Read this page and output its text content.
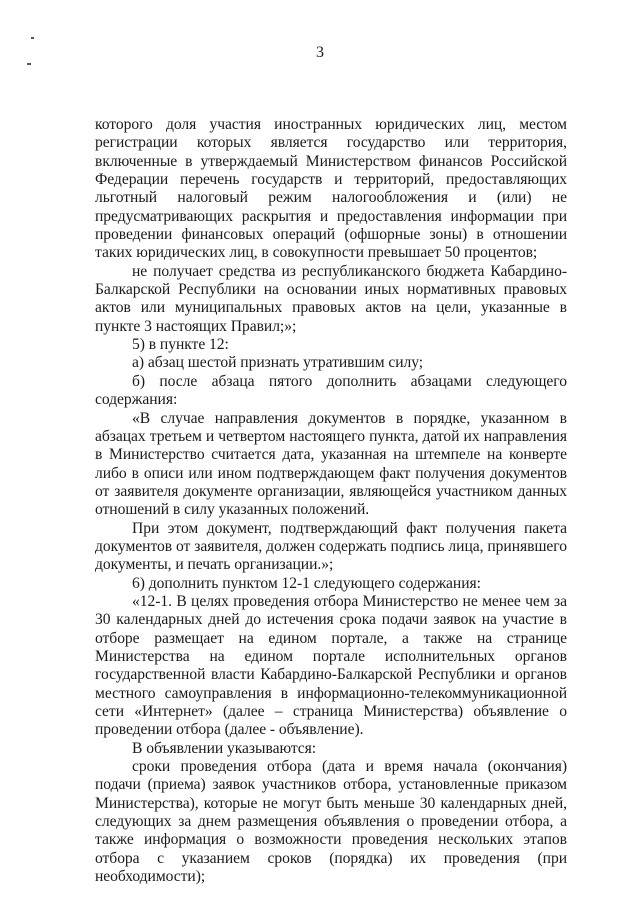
3

которого доля участия иностранных юридических лиц, местом регистрации которых является государство или территория, включенные в утверждаемый Министерством финансов Российской Федерации перечень государств и территорий, предоставляющих льготный налоговый режим налогообложения и (или) не предусматривающих раскрытия и предоставления информации при проведении финансовых операций (офшорные зоны) в отношении таких юридических лиц, в совокупности превышает 50 процентов;

не получает средства из республиканского бюджета Кабардино-Балкарской Республики на основании иных нормативных правовых актов или муниципальных правовых актов на цели, указанные в пункте 3 настоящих Правил;»;

5) в пункте 12:

а) абзац шестой признать утратившим силу;

б) после абзаца пятого дополнить абзацами следующего содержания:

«В случае направления документов в порядке, указанном в абзацах третьем и четвертом настоящего пункта, датой их направления в Министерство считается дата, указанная на штемпеле на конверте либо в описи или ином подтверждающем факт получения документов от заявителя документе организации, являющейся участником данных отношений в силу указанных положений.

При этом документ, подтверждающий факт получения пакета документов от заявителя, должен содержать подпись лица, принявшего документы, и печать организации.»;

6) дополнить пунктом 12-1 следующего содержания:

«12-1. В целях проведения отбора Министерство не менее чем за 30 календарных дней до истечения срока подачи заявок на участие в отборе размещает на едином портале, а также на странице Министерства на едином портале исполнительных органов государственной власти Кабардино-Балкарской Республики и органов местного самоуправления в информационно-телекоммуникационной сети «Интернет» (далее – страница Министерства) объявление о проведении отбора (далее - объявление).

В объявлении указываются:

сроки проведения отбора (дата и время начала (окончания) подачи (приема) заявок участников отбора, установленные приказом Министерства), которые не могут быть меньше 30 календарных дней, следующих за днем размещения объявления о проведении отбора, а также информация о возможности проведения нескольких этапов отбора с указанием сроков (порядка) их проведения (при необходимости);
